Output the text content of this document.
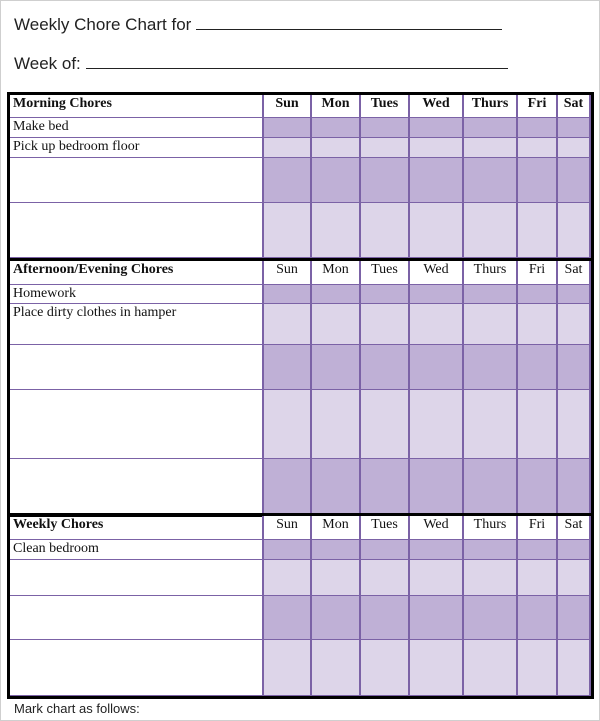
Weekly Chore Chart for
Week of:
Morning Chores	Sun	Mon	Tues	Wed	Thurs	Fri	Sat
Make bed
Pick up bedroom floor
Afternoon/Evening Chores	Sun	Mon	Tues	Wed	Thurs	Fri	Sat
Homework
Place dirty clothes in hamper
Weekly Chores	Sun	Mon	Tues	Wed	Thurs	Fri	Sat
Clean bedroom
Mark chart as follows:
